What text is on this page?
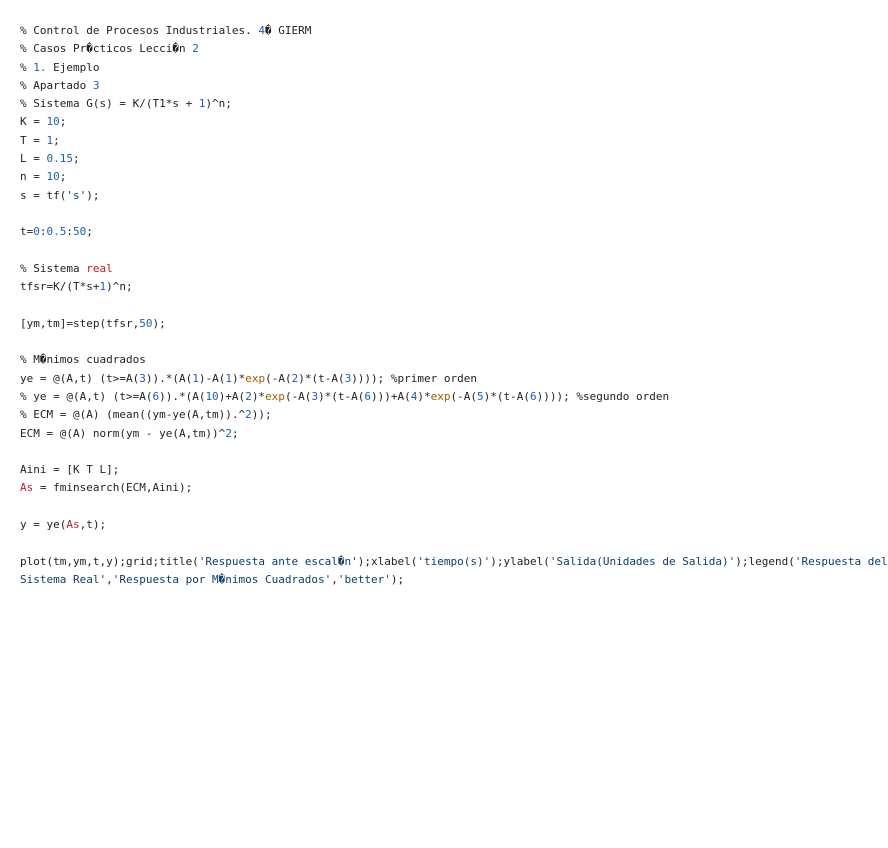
% Control de Procesos Industriales. 4� GIERM
% Casos Pr�cticos Lecci�n 2
% 1. Ejemplo
% Apartado 3
% Sistema G(s) = K/(T1*s + 1)^n;
K = 10;
T = 1;
L = 0.15;
n = 10;
s = tf('s');
t=0:0.5:50;
% Sistema real
tfsr=K/(T*s+1)^n;
[ym,tm]=step(tfsr,50);
% M�nimos cuadrados
ye = @(A,t) (t>=A(3)).*(A(1)-A(1)*exp(-A(2)*(t-A(3)))); %primer orden
% ye = @(A,t) (t>=A(6)).*(A(10)+A(2)*exp(-A(3)*(t-A(6)))+A(4)*exp(-A(5)*(t-A(6)))); %segundo orden
% ECM = @(A) (mean((ym-ye(A,tm)).^2));
ECM = @(A) norm(ym - ye(A,tm))^2;
Aini = [K T L];
As = fminsearch(ECM,Aini);
y = ye(As,t);
plot(tm,ym,t,y);grid;title('Respuesta ante escal�n');xlabel('tiempo(s)');ylabel('Salida(Unidades de Salida)');legend('Respuesta del
Sistema Real','Respuesta por M�nimos Cuadrados','better');
